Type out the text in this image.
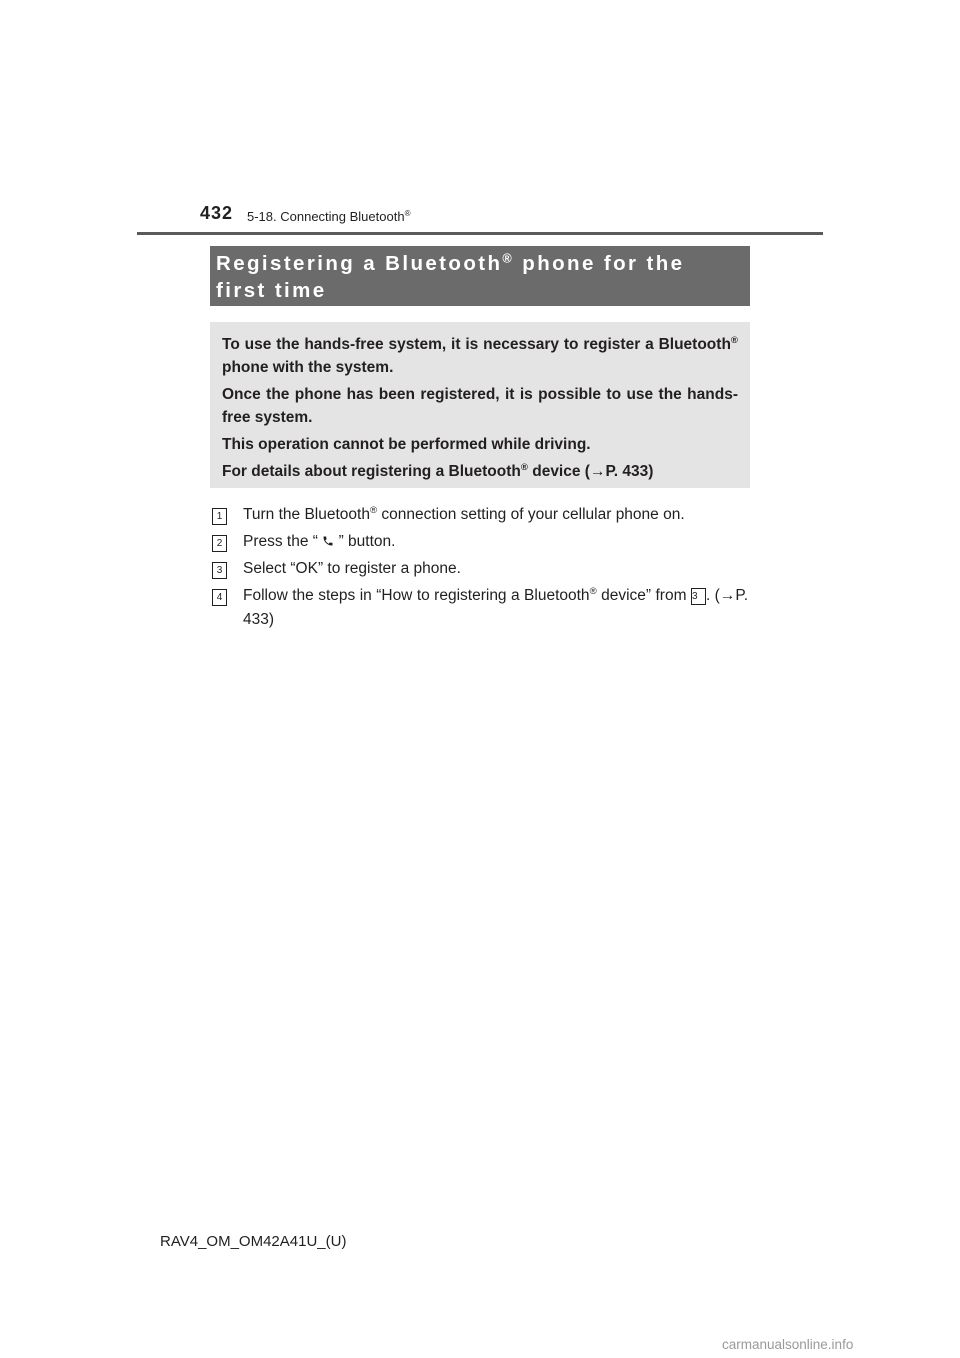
432 5-18. Connecting Bluetooth®
Registering a Bluetooth® phone for the first time

To use the hands-free system, it is necessary to register a Bluetooth® phone with the system.

Once the phone has been registered, it is possible to use the hands-free system.

This operation cannot be performed while driving.

For details about registering a Bluetooth® device (→P. 433)

1	Turn the Bluetooth® connection setting of your cellular phone on.
2	Press the “ ” button.
3	Select “OK” to register a phone.
4	Follow the steps in “How to registering a Bluetooth® device” from 3 . (→P. 433)
RAV4_OM_OM42A41U_(U)
carmanualsonline.info
